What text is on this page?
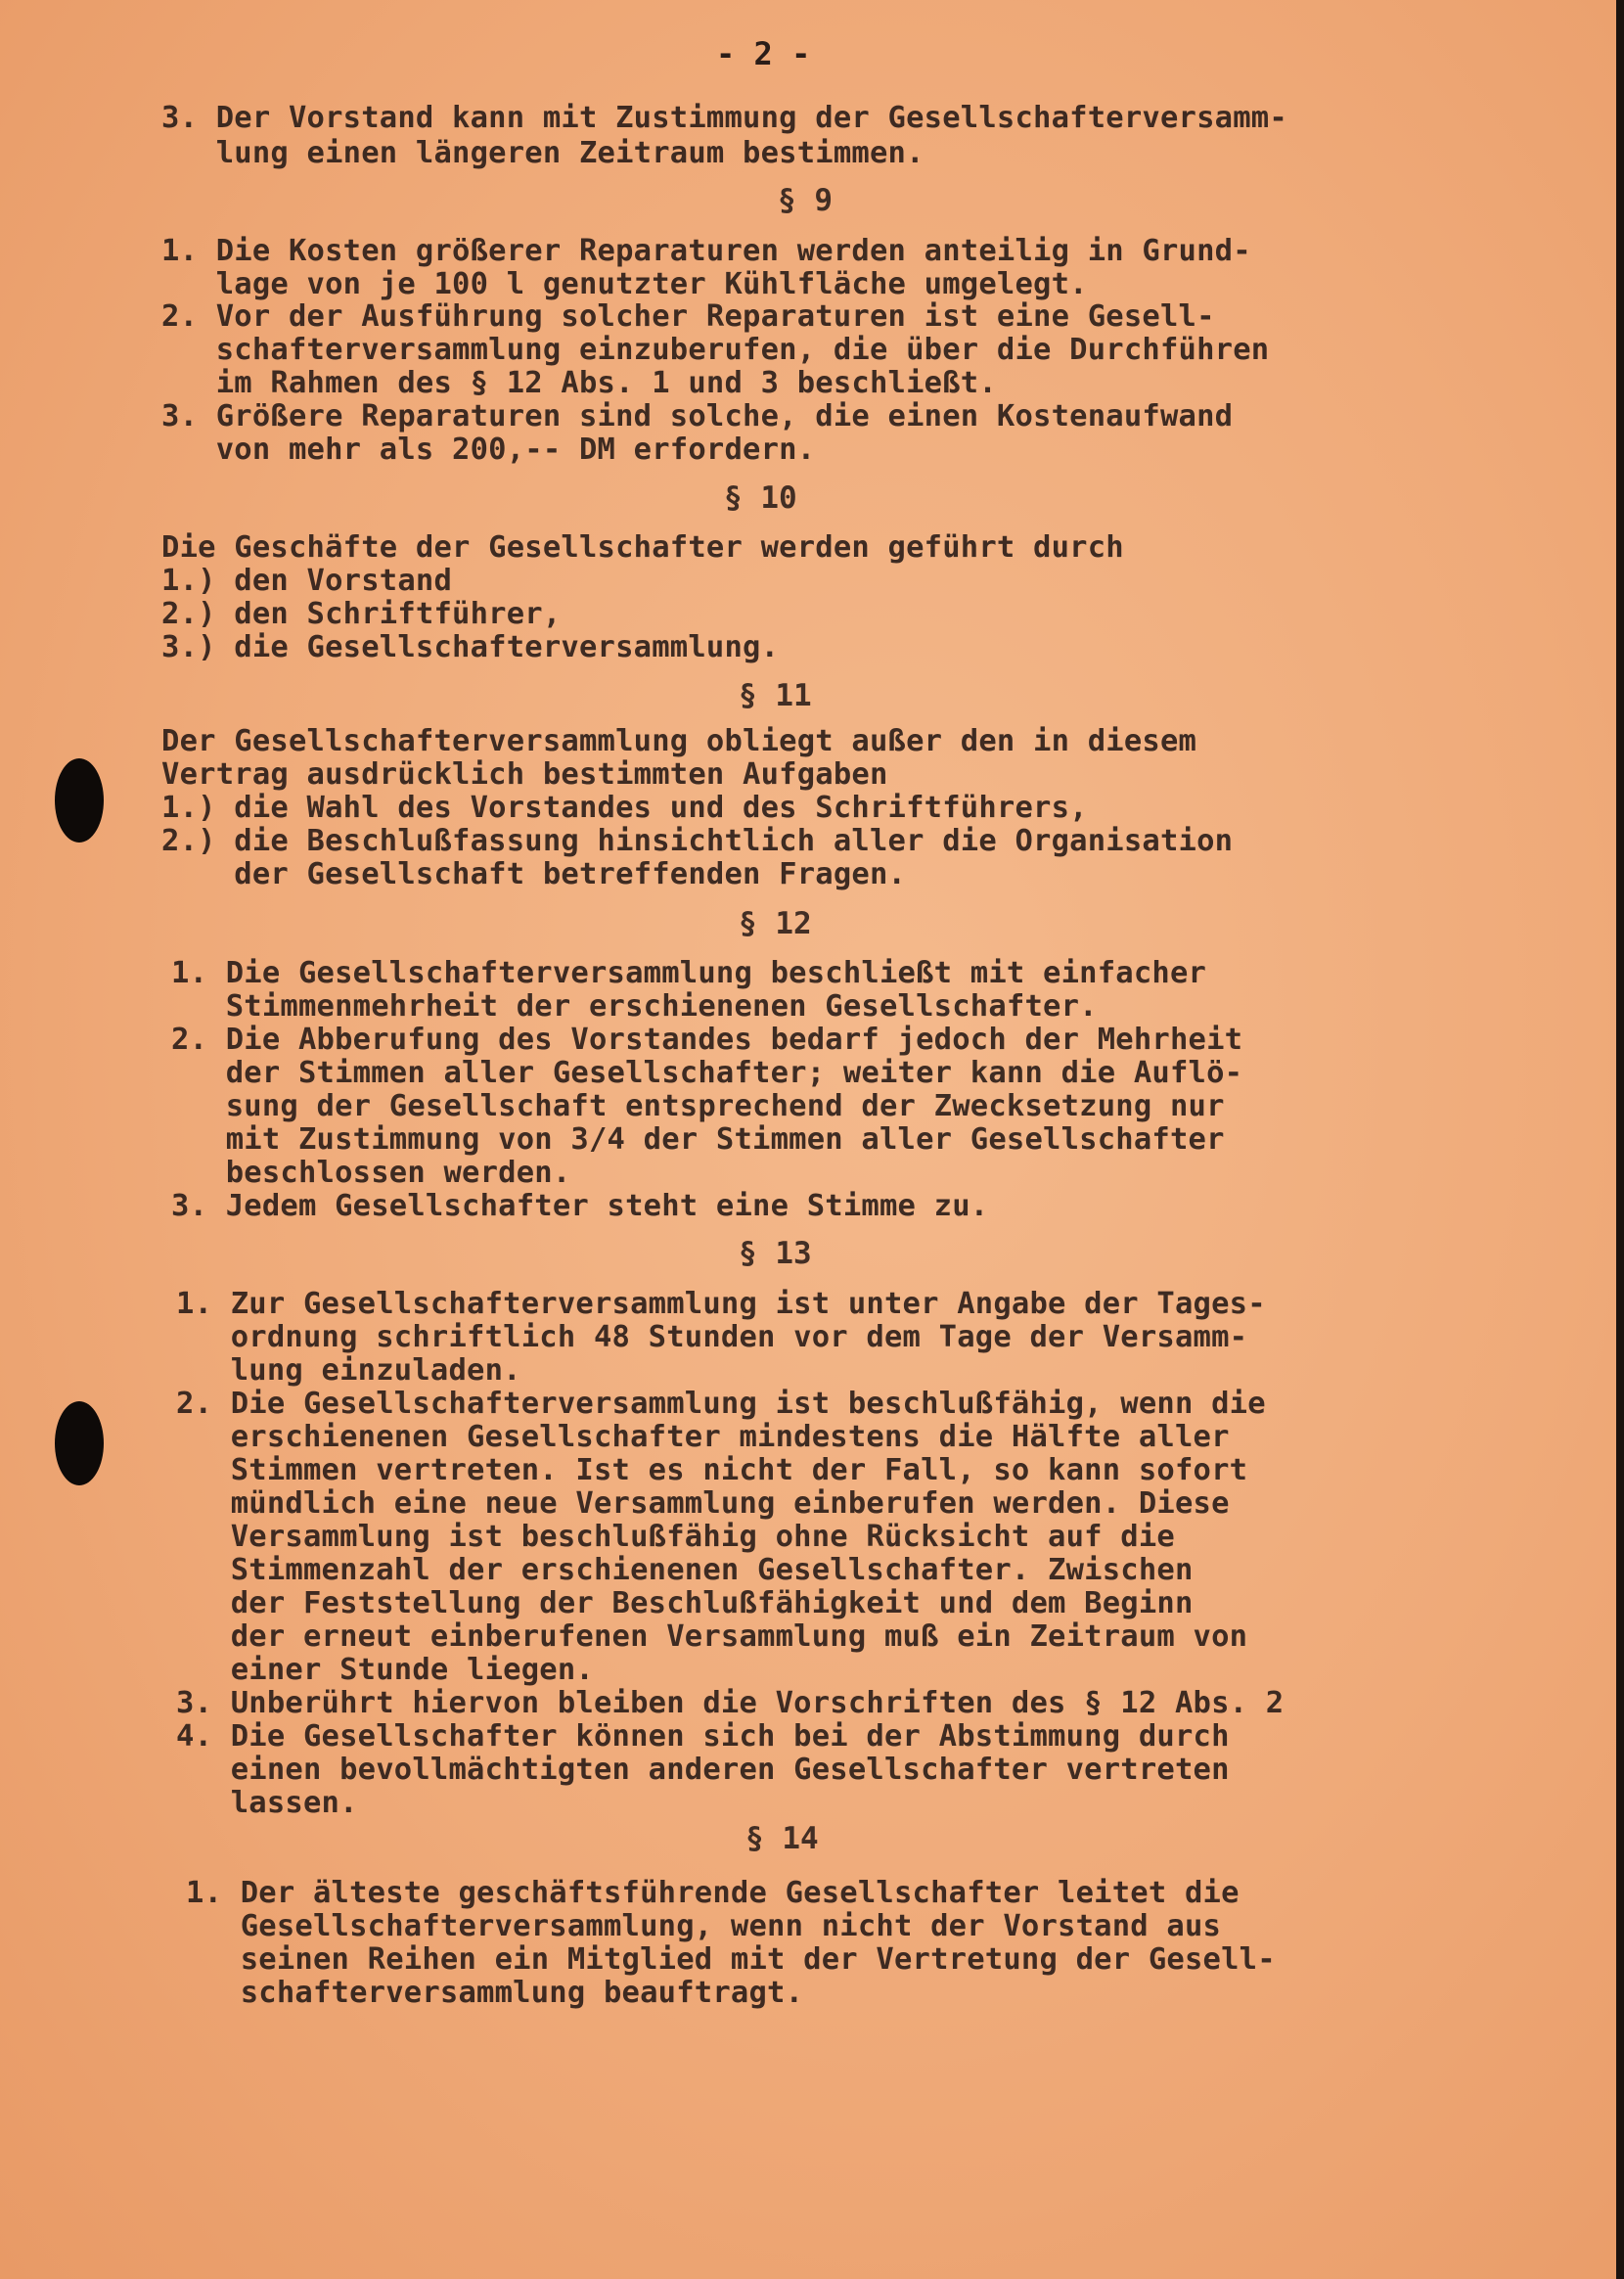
- 2 -
3. Der Vorstand kann mit Zustimmung der Gesellschafterversamm-
lung einen längeren Zeitraum bestimmen.
§ 9
1. Die Kosten größerer Reparaturen werden anteilig in Grund-
lage von je 100 l genutzter Kühlfläche umgelegt.
2. Vor der Ausführung solcher Reparaturen ist eine Gesell-
schafterversammlung einzuberufen, die über die Durchführen
im Rahmen des § 12 Abs. 1 und 3 beschließt.
3. Größere Reparaturen sind solche, die einen Kostenaufwand
von mehr als 200,-- DM erfordern.
§ 10
Die Geschäfte der Gesellschafter werden geführt durch
1.) den Vorstand
2.) den Schriftführer,
3.) die Gesellschafterversammlung.
§ 11
Der Gesellschafterversammlung obliegt außer den in diesem
Vertrag ausdrücklich bestimmten Aufgaben
1.) die Wahl des Vorstandes und des Schriftführers,
2.) die Beschlußfassung hinsichtlich aller die Organisation
der Gesellschaft betreffenden Fragen.
§ 12
1. Die Gesellschafterversammlung beschließt mit einfacher
Stimmenmehrheit der erschienenen Gesellschafter.
2. Die Abberufung des Vorstandes bedarf jedoch der Mehrheit
der Stimmen aller Gesellschafter; weiter kann die Auflö-
sung der Gesellschaft entsprechend der Zwecksetzung nur
mit Zustimmung von 3/4 der Stimmen aller Gesellschafter
beschlossen werden.
3. Jedem Gesellschafter steht eine Stimme zu.
§ 13
1. Zur Gesellschafterversammlung ist unter Angabe der Tages-
ordnung schriftlich 48 Stunden vor dem Tage der Versamm-
lung einzuladen.
2. Die Gesellschafterversammlung ist beschlußfähig, wenn die
erschienenen Gesellschafter mindestens die Hälfte aller
Stimmen vertreten. Ist es nicht der Fall, so kann sofort
mündlich eine neue Versammlung einberufen werden. Diese
Versammlung ist beschlußfähig ohne Rücksicht auf die
Stimmenzahl der erschienenen Gesellschafter. Zwischen
der Feststellung der Beschlußfähigkeit und dem Beginn
der erneut einberufenen Versammlung muß ein Zeitraum von
einer Stunde liegen.
3. Unberührt hiervon bleiben die Vorschriften des § 12 Abs. 2
4. Die Gesellschafter können sich bei der Abstimmung durch
einen bevollmächtigten anderen Gesellschafter vertreten
lassen.
§ 14
1. Der älteste geschäftsführende Gesellschafter leitet die
Gesellschafterversammlung, wenn nicht der Vorstand aus
seinen Reihen ein Mitglied mit der Vertretung der Gesell-
schafterversammlung beauftragt.
